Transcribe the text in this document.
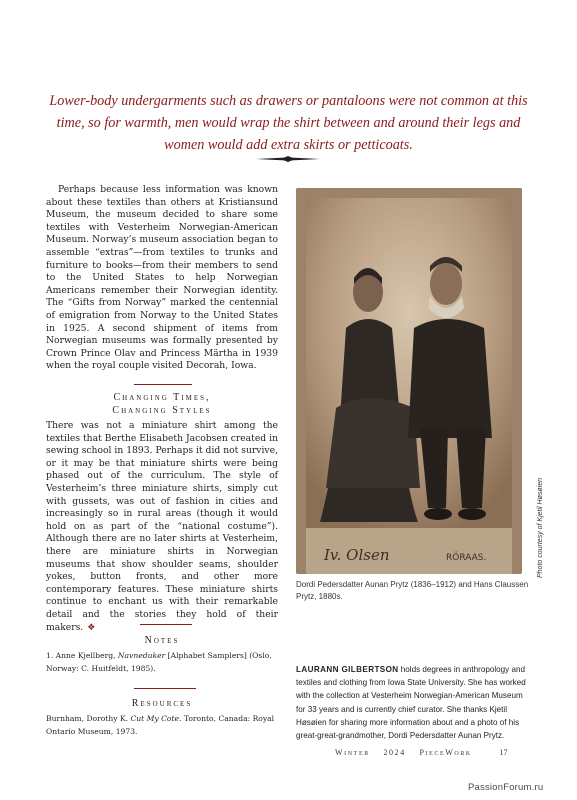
Lower-body undergarments such as drawers or pantaloons were not common at this time, so for warmth, men would wrap the shirt between and around their legs and women would add extra skirts or petticoats.

Perhaps because less information was known about these textiles than others at Kristiansund Museum, the museum decided to share some textiles with Vesterheim Norwegian-American Museum. Norway’s museum association began to assemble “extras”—from textiles to trunks and furniture to books—from their members to send to the United States to help Norwegian Americans remember their Norwegian identity. The “Gifts from Norway” marked the centennial of emigration from Norway to the United States in 1925. A second shipment of items from Norwegian museums was formally presented by Crown Prince Olav and Princess Märtha in 1939 when the royal couple visited Decorah, Iowa.

Changing Times,
Changing Styles

There was not a miniature shirt among the textiles that Berthe Elisabeth Jacobsen created in sewing school in 1893. Perhaps it did not survive, or it may be that miniature shirts were being phased out of the curriculum. The style of Vesterheim’s three miniature shirts, simply cut with gussets, was out of fashion in cities and increasingly so in rural areas (though it would hold on as part of the “national costume”). Although there are no later shirts at Vesterheim, there are miniature shirts in Norwegian museums that show shoulder seams, shoulder yokes, button fronts, and other more contemporary features. These miniature shirts continue to enchant us with their remarkable detail and the stories they hold of their makers. ❖

Notes
1. Anne Kjellberg, Navneduker [Alphabet Samplers] (Oslo, Norway: C. Huitfeldt, 1985).
Resources
Burnham, Dorothy K. Cut My Cote. Toronto, Canada: Royal Ontario Museum, 1973.
Iv. Olsen	RÖRAAS.	Photo courtesy of Kjetil Høsøien
Dordi Pedersdatter Aunan Prytz (1836–1912) and Hans Claussen Prytz, 1880s.
LAURANN GILBERTSON holds degrees in anthropology and textiles and clothing from Iowa State University. She has worked with the collection at Vesterheim Norwegian-American Museum for 33 years and is currently chief curator. She thanks Kjetil Høsøien for sharing more information about and a photo of his great-great-grandmother, Dordi Pedersdatter Aunan Prytz.
Winter 2024 PieceWork	17
PassionForum.ru
